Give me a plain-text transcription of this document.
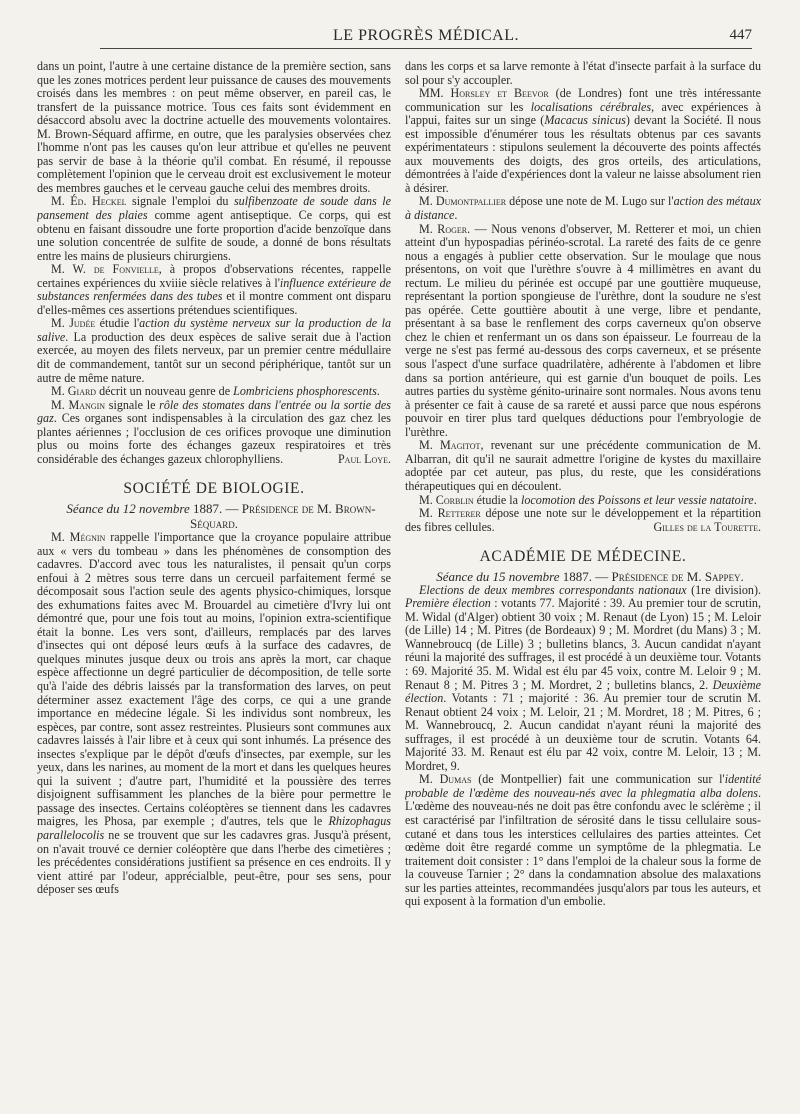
LE PROGRÈS MÉDICAL.	447

dans un point, l'autre à une certaine distance de la première section, sans que les zones motrices perdent leur puissance de causes des mouvements croisés dans les membres : on peut même observer, en pareil cas, le transfert de la puissance motrice. Tous ces faits sont évidemment en désaccord absolu avec la doctrine actuelle des mouvements volontaires. M. Brown-Séquard affirme, en outre, que les paralysies observées chez l'homme n'ont pas les causes qu'on leur attribue et qu'elles ne peuvent pas servir de base à la théorie qu'il combat. En résumé, il repousse complètement l'opinion que le cerveau droit est exclusivement le moteur des membres gauches et le cerveau gauche celui des membres droits.

M. Éd. Heckel signale l'emploi du sulfibenzoate de soude dans le pansement des plaies comme agent antiseptique. Ce corps, qui est obtenu en faisant dissoudre une forte proportion d'acide benzoïque dans une solution concentrée de sulfite de soude, a donné de bons résultats entre les mains de plusieurs chirurgiens.

M. W. de Fonvielle, à propos d'observations récentes, rappelle certaines expériences du xviiie siècle relatives à l'influence extérieure de substances renfermées dans des tubes et il montre comment ont disparu d'elles-mêmes ces assertions prétendues scientifiques.

M. Judée étudie l'action du système nerveux sur la production de la salive. La production des deux espèces de salive serait due à l'action exercée, au moyen des filets nerveux, par un premier centre médullaire dit de commandement, tantôt sur un second périphérique, tantôt sur un autre de même nature.

M. Giard décrit un nouveau genre de Lombriciens phosphorescents.

M. Mangin signale le rôle des stomates dans l'entrée ou la sortie des gaz. Ces organes sont indispensables à la circulation des gaz chez les plantes aériennes ; l'occlusion de ces orifices provoque une diminution plus ou moins forte des échanges gazeux respiratoires et très considérable des échanges gazeux chlorophylliens.	Paul Loye.

SOCIÉTÉ DE BIOLOGIE.

Séance du 12 novembre 1887. — Présidence de M. Brown-Séquard.

M. Mégnin rappelle l'importance que la croyance populaire attribue aux « vers du tombeau » dans les phénomènes de consomption des cadavres. D'accord avec tous les naturalistes, il pensait qu'un corps enfoui à 2 mètres sous terre dans un cercueil parfaitement fermé se décomposait sous l'action seule des agents physico-chimiques, lorsque des exhumations faites avec M. Brouardel au cimetière d'Ivry lui ont démontré que, pour une fois tout au moins, l'opinion extra-scientifique était la bonne. Les vers sont, d'ailleurs, remplacés par des larves d'insectes qui ont déposé leurs œufs à la surface des cadavres, de quelques minutes jusque deux ou trois ans après la mort, car chaque espèce affectionne un degré particulier de décomposition, de telle sorte qu'à l'aide des débris laissés par la transformation des larves, on peut déterminer assez exactement l'âge des corps, ce qui a une grande importance en médecine légale. Si les individus sont nombreux, les espèces, par contre, sont assez restreintes. Plusieurs sont communes aux cadavres laissés à l'air libre et à ceux qui sont inhumés. La présence des insectes s'explique par le dépôt d'œufs d'insectes, par exemple, sur les yeux, dans les narines, au moment de la mort et dans les quelques heures qui la suivent ; d'autre part, l'humidité et la poussière des terres disjoignent suffisamment les planches de la bière pour permettre le passage des insectes. Certains coléoptères se tiennent dans les cadavres maigres, les Phosa, par exemple ; d'autres, tels que le Rhizophagus parallelocolis ne se trouvent que sur les cadavres gras. Jusqu'à présent, on n'avait trouvé ce dernier coléoptère que dans l'herbe des cimetières ; les précédentes considérations justifient sa présence en ces endroits. Il y vient attiré par l'odeur, apprécialble, peut-être, pour ses sens, pour déposer ses œufs

dans les corps et sa larve remonte à l'état d'insecte parfait à la surface du sol pour s'y accoupler.

MM. Horsley et Beevor (de Londres) font une très intéressante communication sur les localisations cérébrales, avec expériences à l'appui, faites sur un singe (Macacus sinicus) devant la Société. Il nous est impossible d'énumérer tous les résultats obtenus par ces savants expérimentateurs : stipulons seulement la découverte des points affectés aux mouvements des doigts, des gros orteils, des articulations, démontrées à l'aide d'expériences dont la valeur ne laisse absolument rien à désirer.

M. Dumontpallier dépose une note de M. Lugo sur l'action des métaux à distance.

M. Roger. — Nous venons d'observer, M. Retterer et moi, un chien atteint d'un hypospadias périnéo-scrotal. La rareté des faits de ce genre nous a engagés à publier cette observation. Sur le moulage que nous présentons, on voit que l'urèthre s'ouvre à 4 millimètres en avant du rectum. Le milieu du périnée est occupé par une gouttière muqueuse, représentant la portion spongieuse de l'urèthre, dont la soudure ne s'est pas opérée. Cette gouttière aboutit à une verge, libre et pendante, présentant à sa base le renflement des corps caverneux qu'on observe chez le chien et renfermant un os dans son épaisseur. Le fourreau de la verge ne s'est pas fermé au-dessous des corps caverneux, et se présente sous l'aspect d'une surface quadrilatère, adhérente à l'abdomen et libre dans sa portion antérieure, qui est garnie d'un bouquet de poils. Les autres parties du système génito-urinaire sont normales. Nous avons tenu à présenter ce fait à cause de sa rareté et aussi parce que nous espérons pouvoir en tirer plus tard quelques déductions pour l'embryologie de l'urèthre.

M. Magitot, revenant sur une précédente communication de M. Albarran, dit qu'il ne saurait admettre l'origine de kystes du maxillaire adoptée par cet auteur, pas plus, du reste, que les considérations thérapeutiques qui en découlent.

M. Corblin étudie la locomotion des Poissons et leur vessie natatoire.

M. Retterer dépose une note sur le développement et la répartition des fibres cellules.	Gilles de la Tourette.

ACADÉMIE DE MÉDECINE.

Séance du 15 novembre 1887. — Présidence de M. Sappey.

Elections de deux membres correspondants nationaux (1re division). Première élection : votants 77. Majorité : 39. Au premier tour de scrutin, M. Widal (d'Alger) obtient 30 voix ; M. Renaut (de Lyon) 15 ; M. Leloir (de Lille) 14 ; M. Pitres (de Bordeaux) 9 ; M. Mordret (du Mans) 3 ; M. Wannebroucq (de Lille) 3 ; bulletins blancs, 3. Aucun candidat n'ayant réuni la majorité des suffrages, il est procédé à un deuxième tour. Votants : 69. Majorité 35. M. Widal est élu par 45 voix, contre M. Leloir 9 ; M. Renaut 8 ; M. Pitres 3 ; M. Mordret, 2 ; bulletins blancs, 2. Deuxième élection. Votants : 71 ; majorité : 36. Au premier tour de scrutin M. Renaut obtient 24 voix ; M. Leloir, 21 ; M. Mordret, 18 ; M. Pitres, 6 ; M. Wannebroucq, 2. Aucun candidat n'ayant réuni la majorité des suffrages, il est procédé à un deuxième tour de scrutin. Votants 64. Majorité 33. M. Renaut est élu par 42 voix, contre M. Leloir, 13 ; M. Mordret, 9.

M. Dumas (de Montpellier) fait une communication sur l'identité probable de l'œdème des nouveau-nés avec la phlegmatia alba dolens. L'œdème des nouveau-nés ne doit pas être confondu avec le sclérème ; il est caractérisé par l'infiltration de sérosité dans le tissu cellulaire sous-cutané et dans tous les interstices cellulaires des parties atteintes. Cet œdème doit être regardé comme un symptôme de la phlegmatia. Le traitement doit consister : 1° dans l'emploi de la chaleur sous la forme de la couveuse Tarnier ; 2° dans la condamnation absolue des malaxations sur les parties atteintes, recommandées jusqu'alors par tous les auteurs, et qui exposent à la formation d'un embolie.
